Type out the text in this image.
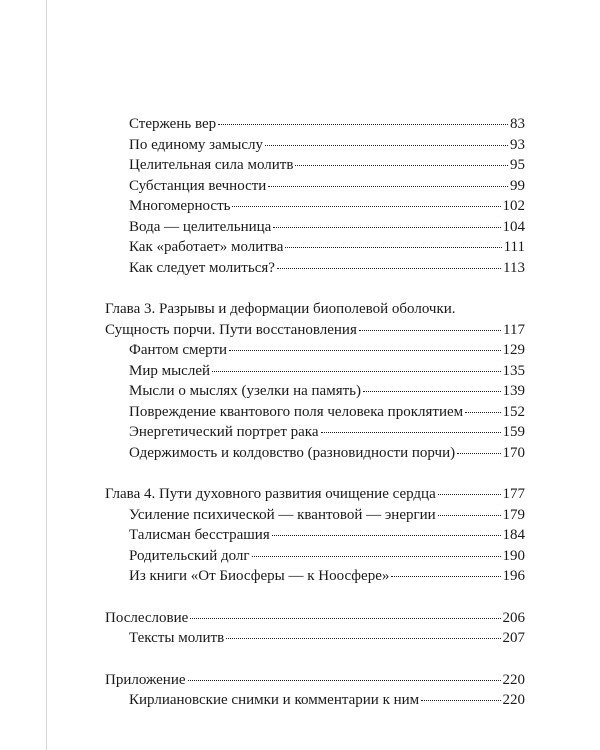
Стержень вер	83
По единому замыслу	93
Целительная сила молитв	95
Субстанция вечности	99
Многомерность	102
Вода — целительница	104
Как «работает» молитва	111
Как следует молиться?	113
Глава 3. Разрывы и деформации биополевой оболочки.
Сущность порчи. Пути восстановления	117
Фантом смерти	129
Мир мыслей	135
Мысли о мыслях (узелки на память)	139
Повреждение квантового поля человека проклятием	152
Энергетический портрет рака	159
Одержимость и колдовство (разновидности порчи)	170
Глава 4. Пути духовного развития очищение сердца	177
Усиление психической — квантовой — энергии	179
Талисман бесстрашия	184
Родительский долг	190
Из книги «От Биосферы — к Ноосфере»	196
Послесловие	206
Тексты молитв	207
Приложение	220
Кирлиановские снимки и комментарии к ним	220
